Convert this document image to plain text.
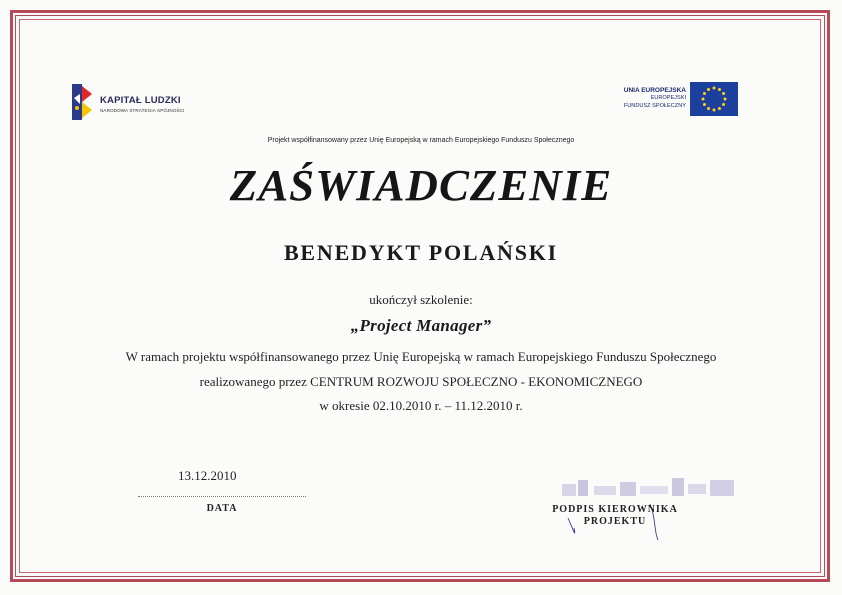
KAPITAŁ LUDZKI
NARODOWA STRATEGIA SPÓJNOŚCI
UNIA EUROPEJSKA
EUROPEJSKI
FUNDUSZ SPOŁECZNY
Projekt współfinansowany przez Unię Europejską w ramach Europejskiego Funduszu Społecznego
ZAŚWIADCZENIE
BENEDYKT POLAŃSKI
ukończył szkolenie:
„Project Manager”
W ramach projektu współfinansowanego przez Unię Europejską w ramach Europejskiego Funduszu Społecznego
realizowanego przez CENTRUM ROZWOJU SPOŁECZNO - EKONOMICZNEGO
w okresie 02.10.2010 r. – 11.12.2010 r.
13.12.2010
DATA	PODPIS KIEROWNIKA
PROJEKTU
